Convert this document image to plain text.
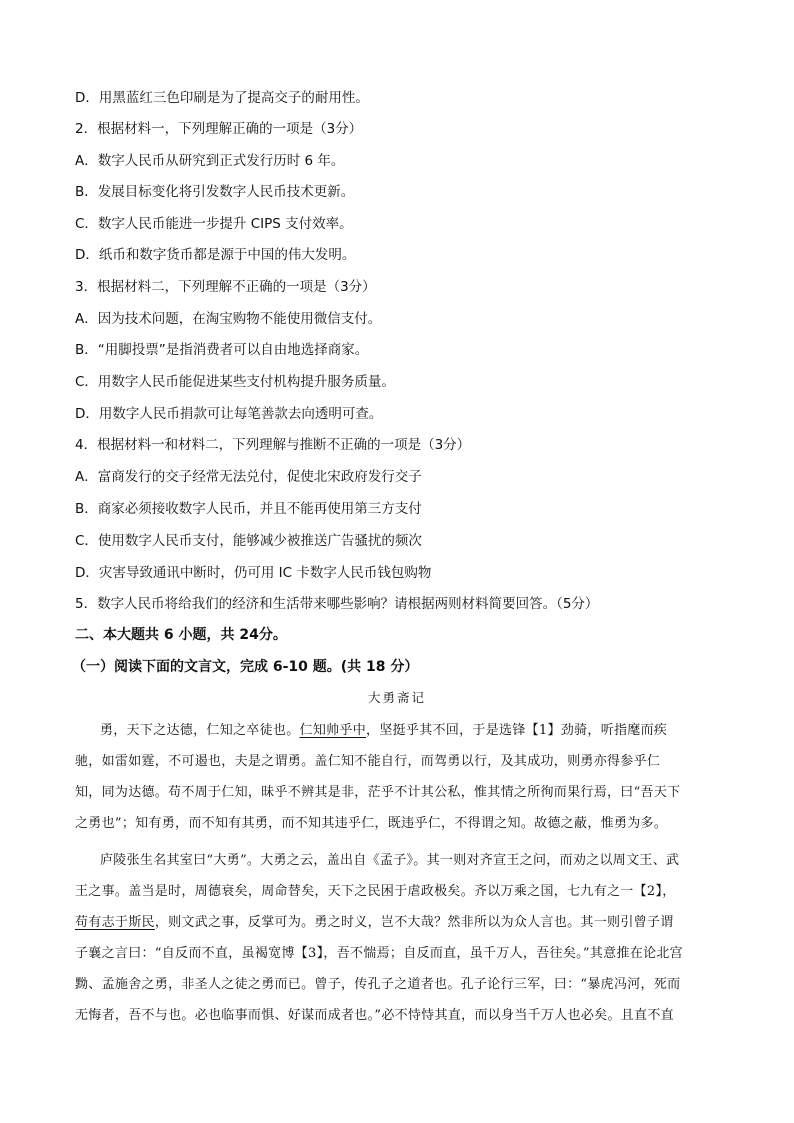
D．用黑蓝红三色印刷是为了提高交子的耐用性。
2．根据材料一，下列理解正确的一项是（3分）
A．数字人民币从研究到正式发行历时 6 年。
B．发展目标变化将引发数字人民币技术更新。
C．数字人民币能进一步提升 CIPS 支付效率。
D．纸币和数字货币都是源于中国的伟大发明。
3．根据材料二，下列理解不正确的一项是（3分）
A．因为技术问题，在淘宝购物不能使用微信支付。
B．“用脚投票”是指消费者可以自由地选择商家。
C．用数字人民币能促进某些支付机构提升服务质量。
D．用数字人民币捐款可让每笔善款去向透明可查。
4．根据材料一和材料二，下列理解与推断不正确的一项是（3分）
A．富商发行的交子经常无法兑付，促使北宋政府发行交子
B．商家必须接收数字人民币，并且不能再使用第三方支付
C．使用数字人民币支付，能够减少被推送广告骚扰的频次
D．灾害导致通讯中断时，仍可用 IC 卡数字人民币钱包购物
5．数字人民币将给我们的经济和生活带来哪些影响？请根据两则材料简要回答。（5分）
二、本大题共 6 小题，共 24分。
（一）阅读下面的文言文，完成 6-10 题。(共 18 分）
大勇斋记
勇，天下之达德，仁知之卒徒也。仁知帅乎中，坚挺乎其不回，于是选锋【1】劲骑，听指麾而疾
驰，如雷如霆，不可遏也，夫是之谓勇。盖仁知不能自行，而驾勇以行，及其成功，则勇亦得参乎仁
知，同为达德。苟不周于仁知，昧乎不辨其是非，茫乎不计其公私，惟其情之所徇而果行焉，曰“吾天下
之勇也”；知有勇，而不知有其勇，而不知其违乎仁，既违乎仁，不得谓之知。故德之蔽，惟勇为多。
庐陵张生名其室曰“大勇”。大勇之云，盖出自《孟子》。其一则对齐宣王之问，而劝之以周文王、武
王之事。盖当是时，周德衰矣，周命替矣，天下之民困于虐政极矣。齐以万乘之国，七九有之一【2】，
苟有志于斯民，则文武之事，反掌可为。勇之时义，岂不大哉？然非所以为众人言也。其一则引曾子谓
子襄之言曰：“自反而不直，虽褐宽博【3】，吾不惴焉；自反而直，虽千万人，吾往矣。”其意推在论北宫
黝、孟施舍之勇，非圣人之徒之勇而已。曾子，传孔子之道者也。孔子论行三军，曰：“暴虎冯河，死而
无悔者，吾不与也。必也临事而惧、好谋而成者也。”必不恃恃其直，而以身当千万人也必矣。且直不直
